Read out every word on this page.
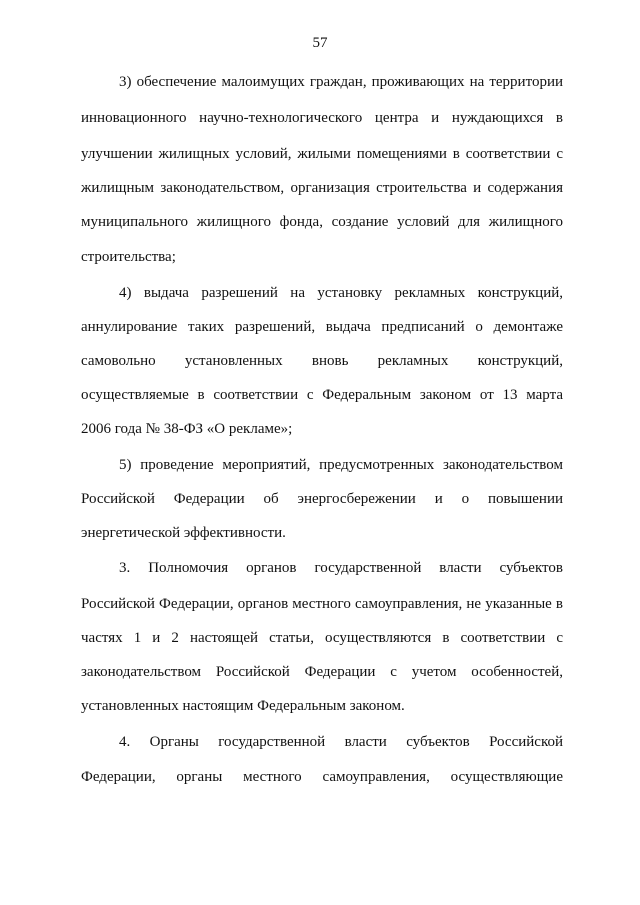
57
3) обеспечение малоимущих граждан, проживающих на территории
инновационного научно-технологического центра и нуждающихся в
улучшении жилищных условий, жилыми помещениями в соответствии с
жилищным законодательством, организация строительства и содержания
муниципального жилищного фонда, создание условий для жилищного
строительства;
4) выдача разрешений на установку рекламных конструкций,
аннулирование таких разрешений, выдача предписаний о демонтаже
самовольно установленных вновь рекламных конструкций,
осуществляемые в соответствии с Федеральным законом от 13 марта
2006 года № 38-ФЗ «О рекламе»;
5) проведение мероприятий, предусмотренных законодательством
Российской Федерации об энергосбережении и о повышении
энергетической эффективности.
3. Полномочия органов государственной власти субъектов
Российской Федерации, органов местного самоуправления, не указанные в
частях 1 и 2 настоящей статьи, осуществляются в соответствии с
законодательством Российской Федерации с учетом особенностей,
установленных настоящим Федеральным законом.
4. Органы государственной власти субъектов Российской
Федерации, органы местного самоуправления, осуществляющие
